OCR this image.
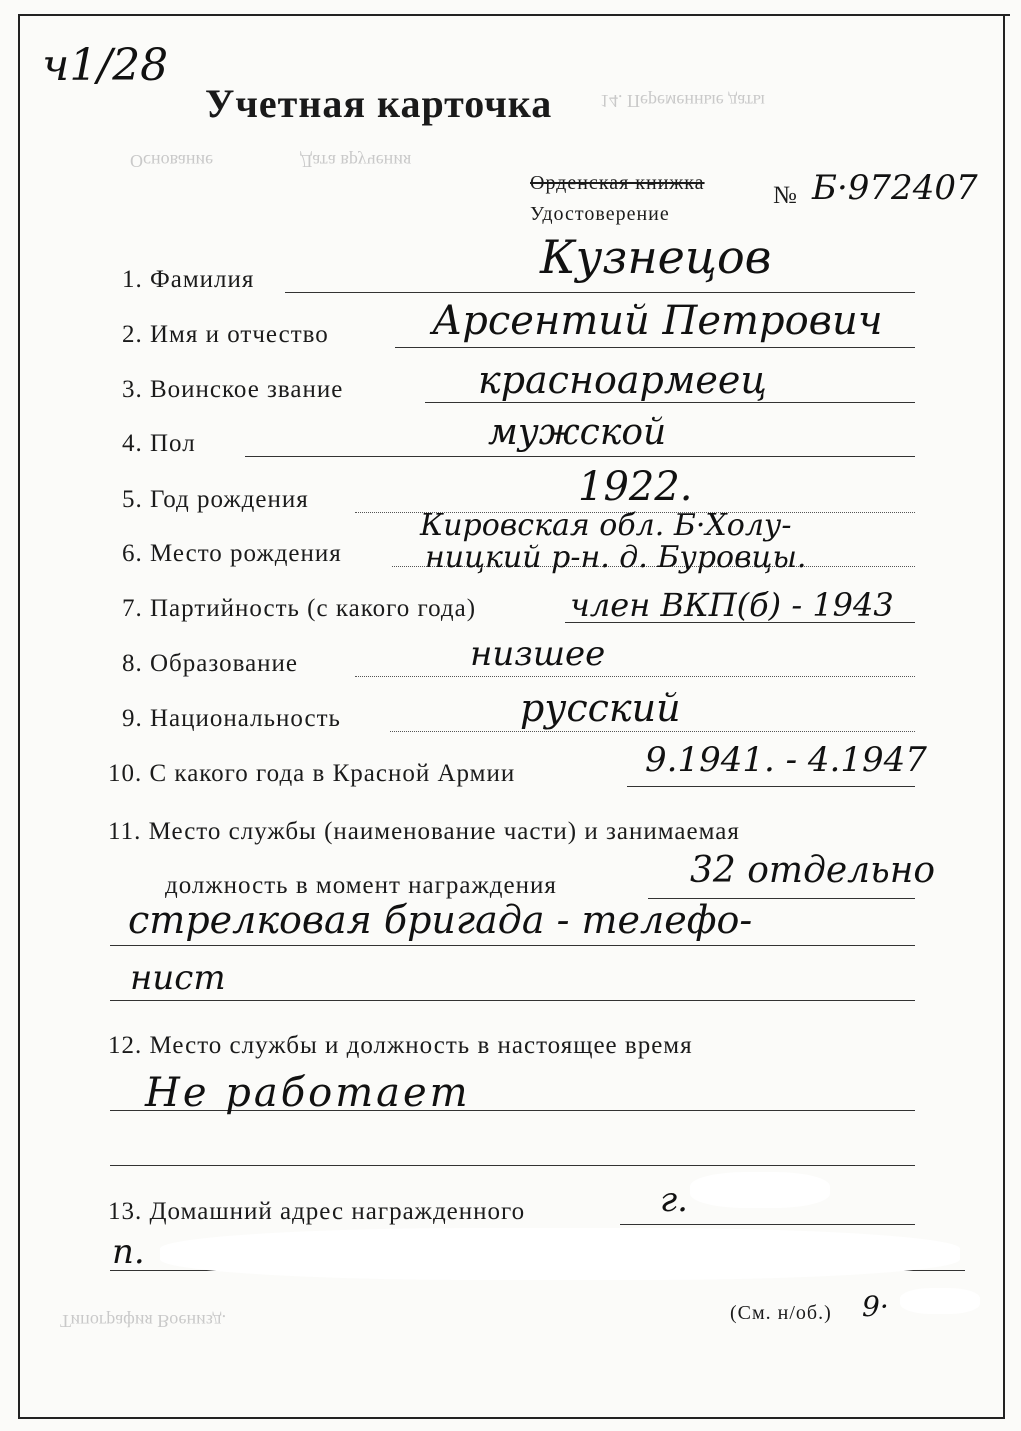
14. Переменные даты
Основание	Дата вручения
Типография Военизд.
ч1/28
Учетная карточка
Орденская книжка
Удостоверение
№ Б·972407
1. Фамилия	Кузнецов
2. Имя и отчество	Арсентий Петрович
3. Воинское звание	красноармеец
4. Пол	мужской
5. Год рождения	1922.
6. Место рождения
Кировская обл. Б·Холу-
ницкий р-н. д. Буровцы.
7. Партийность (с какого года)	член ВКП(б) - 1943
8. Образование	низшее
9. Национальность	русский
10. С какого года в Красной Армии	9.1941. - 4.1947
11. Место службы (наименование части) и занимаемая
должность в момент награждения	32 отдельно
стрелковая бригада - телефо-
нист
12. Место службы и должность в настоящее время
Не работает
13. Домашний адрес награжденного	г.
п.
(См. н/об.) 9·
